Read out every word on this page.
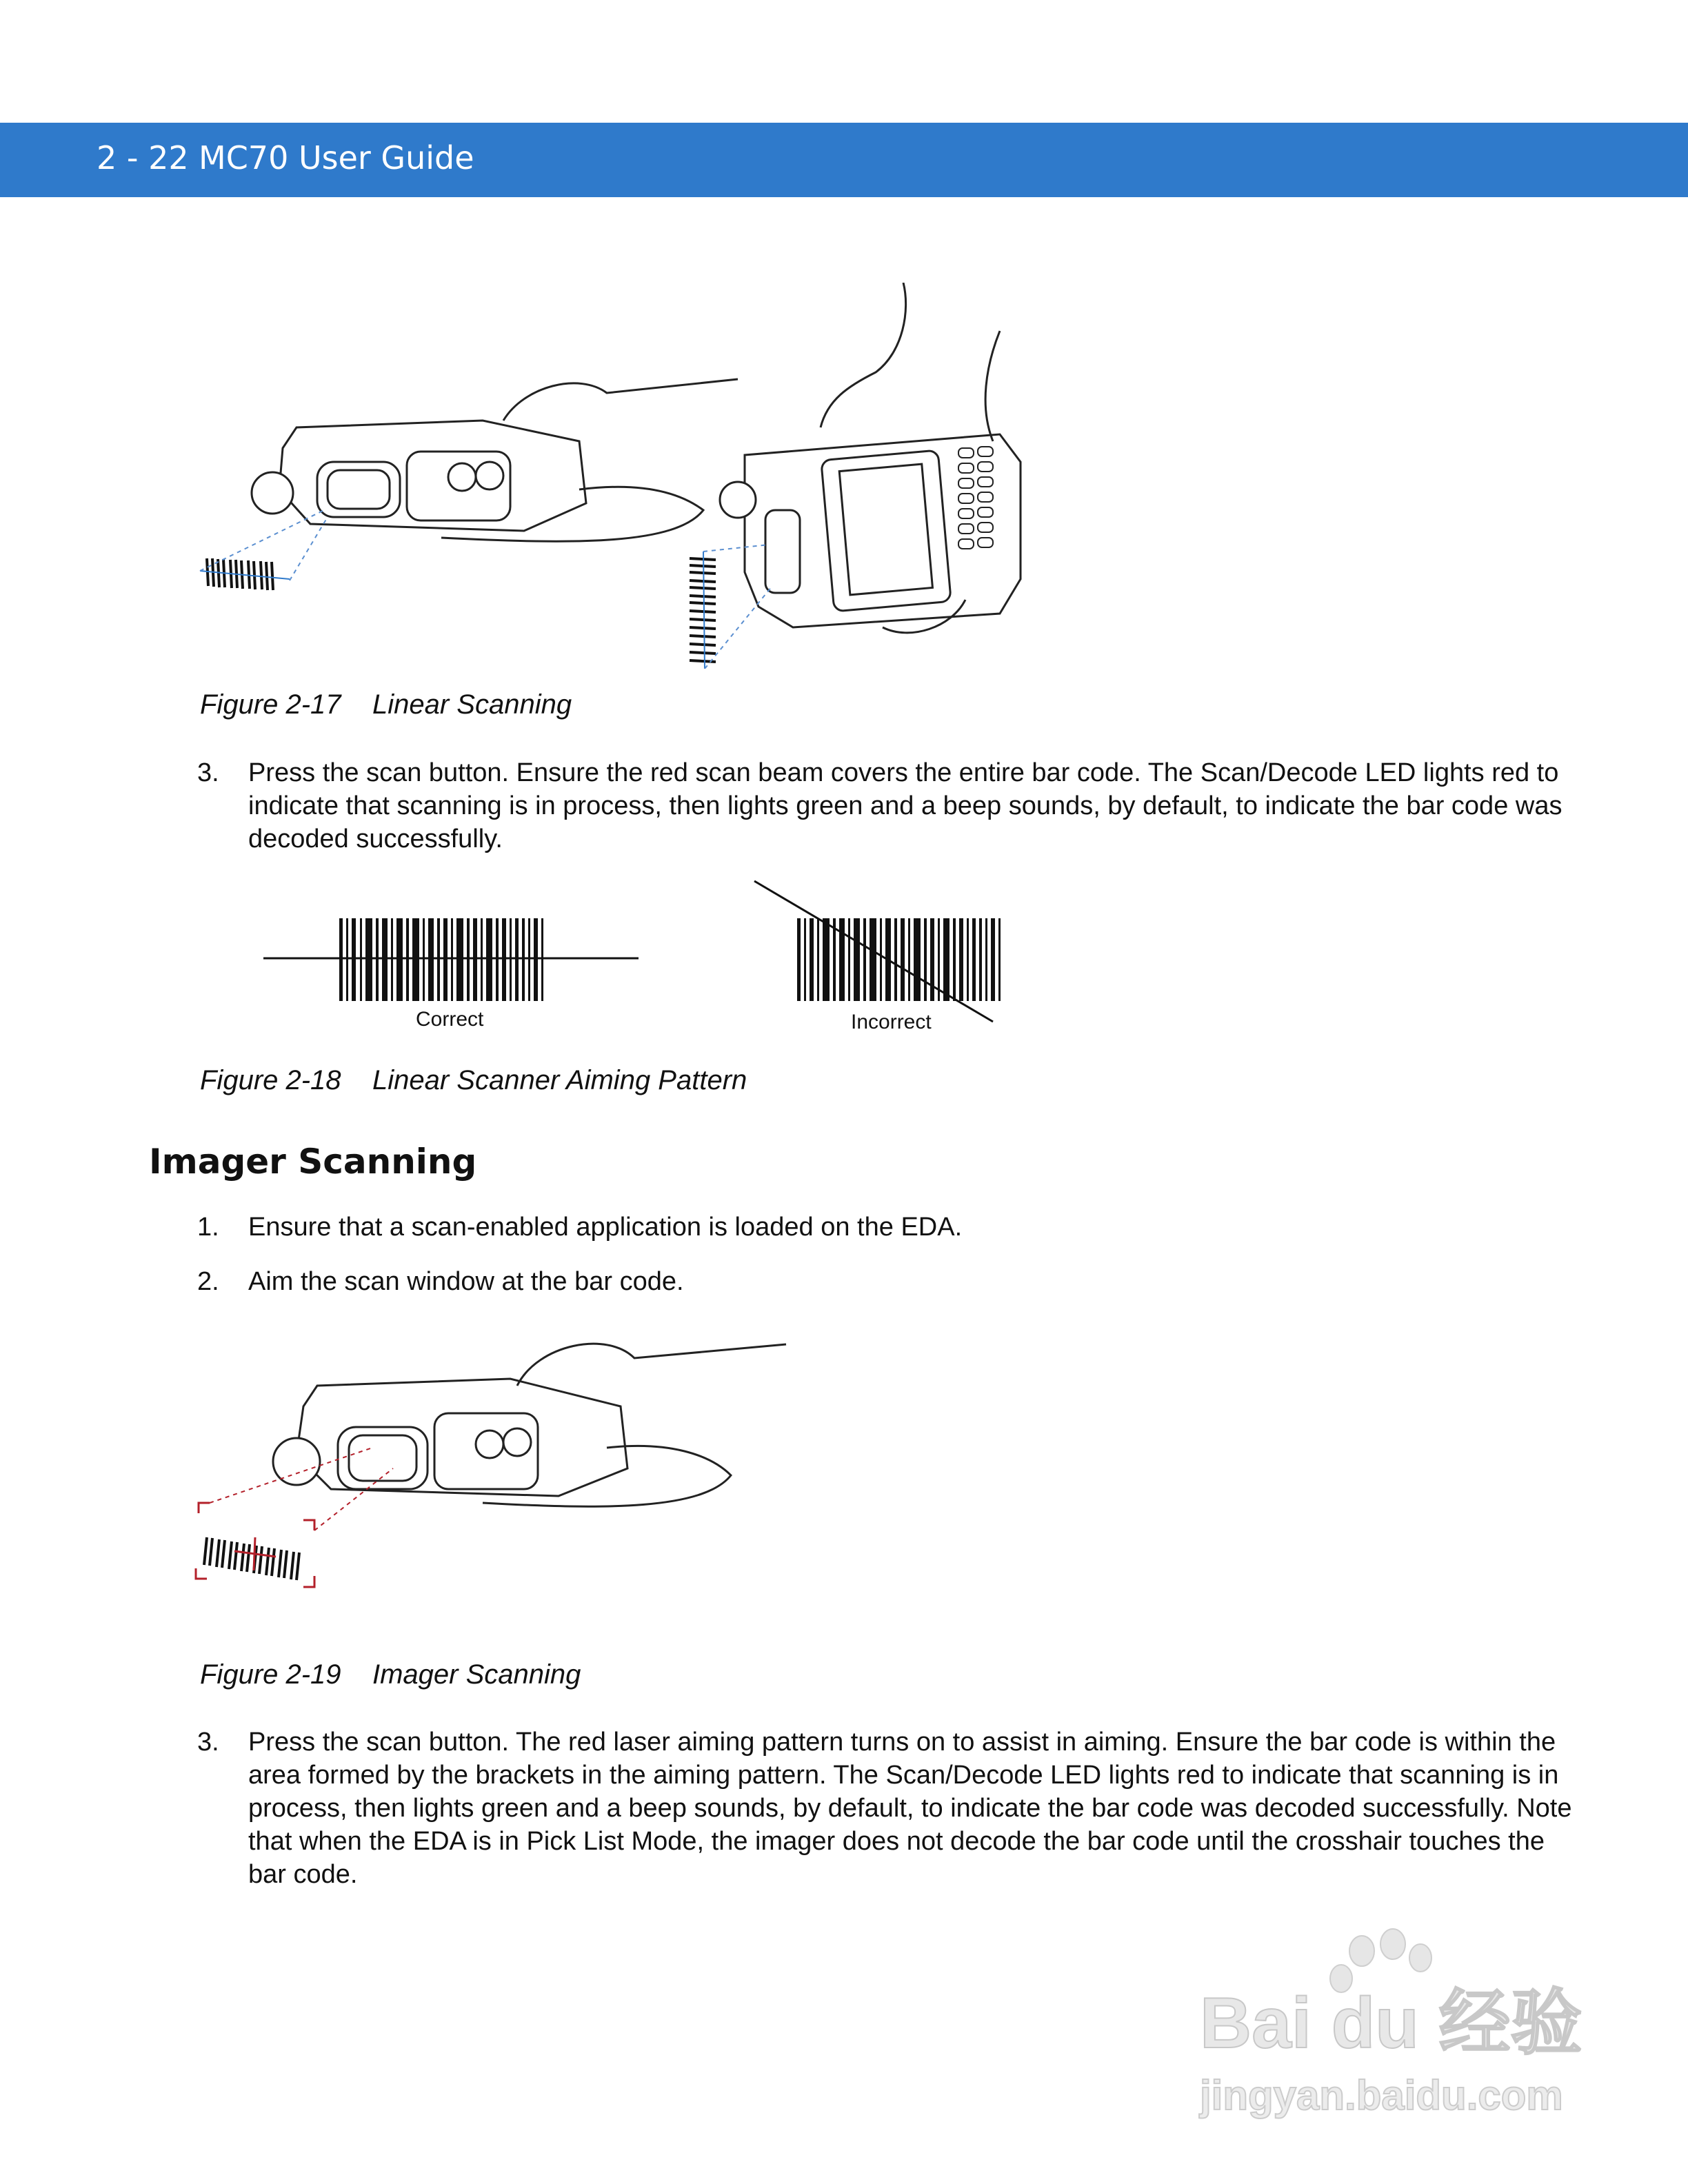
2 - 22 MC70 User Guide
Figure 2-17 Linear Scanning
3. Press the scan button. Ensure the red scan beam covers the entire bar code. The Scan/Decode LED lights red to indicate that scanning is in process, then lights green and a beep sounds, by default, to indicate the bar code was decoded successfully.
Correct	Incorrect
Figure 2-18 Linear Scanner Aiming Pattern
Imager Scanning
1. Ensure that a scan-enabled application is loaded on the EDA.
2. Aim the scan window at the bar code.
Figure 2-19 Imager Scanning
3. Press the scan button. The red laser aiming pattern turns on to assist in aiming. Ensure the bar code is within the area formed by the brackets in the aiming pattern. The Scan/Decode LED lights red to indicate that scanning is in process, then lights green and a beep sounds, by default, to indicate the bar code was decoded successfully. Note that when the EDA is in Pick List Mode, the imager does not decode the bar code until the crosshair touches the bar code.
Bai du 经验
jingyan.baidu.com
